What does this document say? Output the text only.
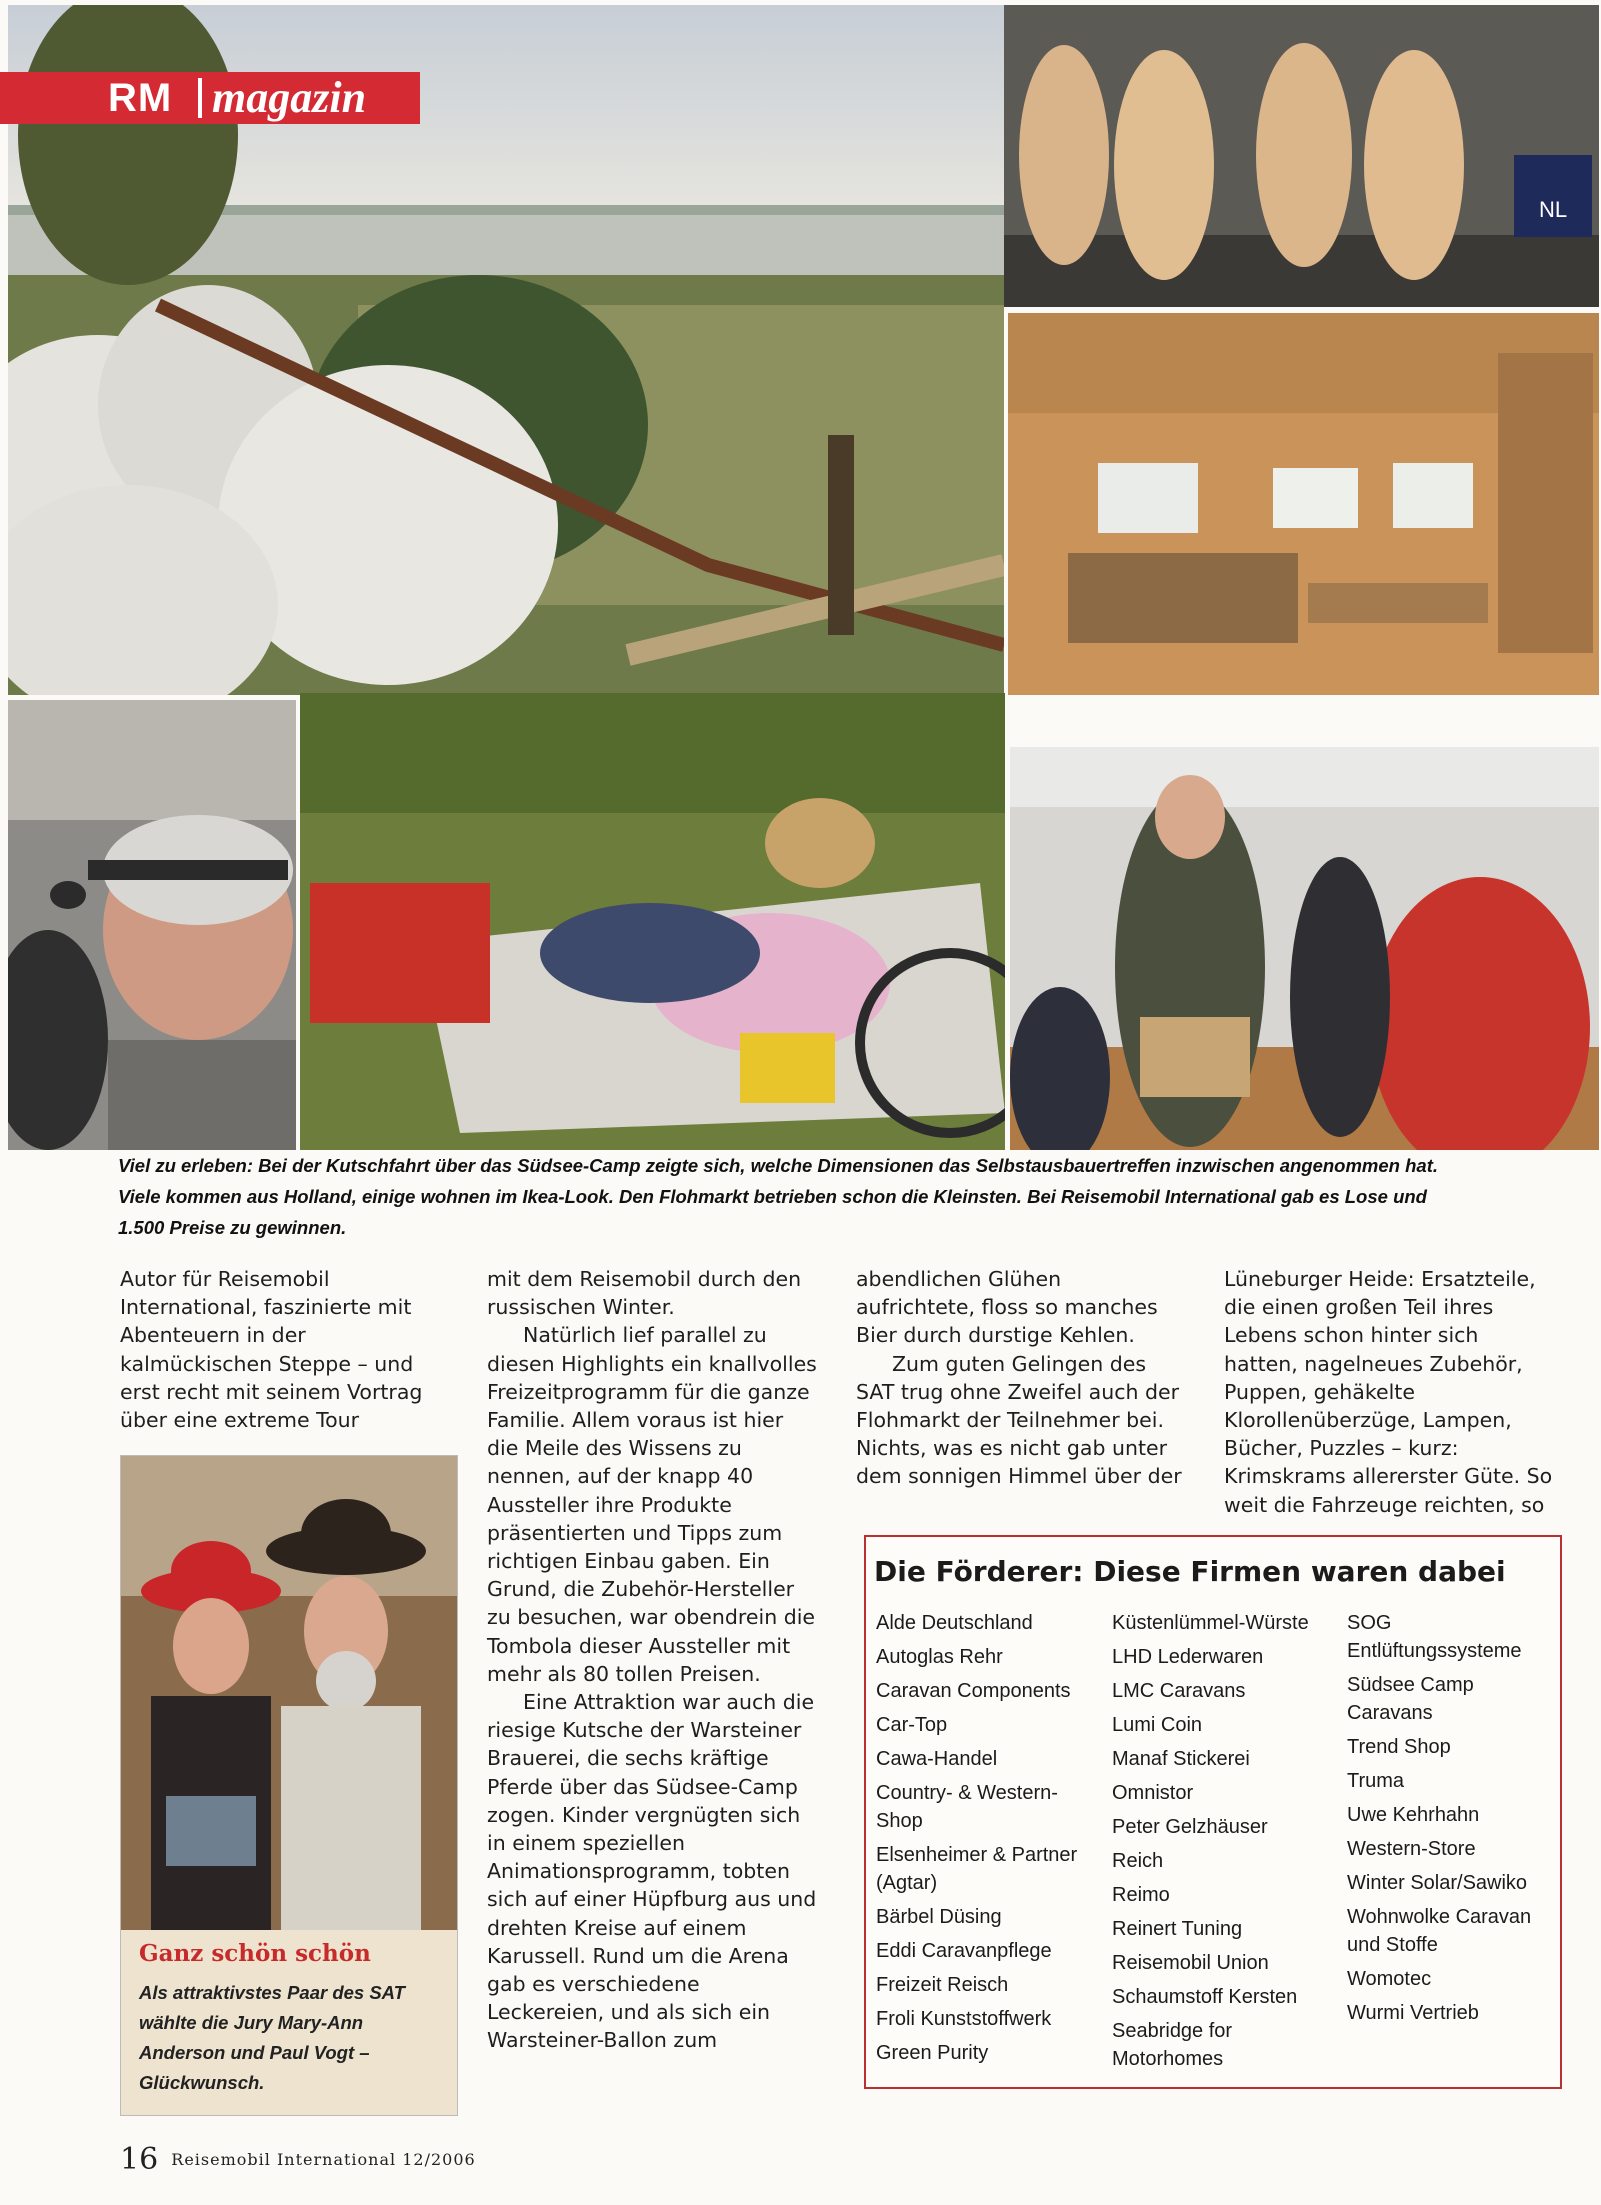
RM magazin
NL
Viel zu erleben: Bei der Kutschfahrt über das Südsee-Camp zeigte sich, welche Dimensionen das Selbstausbauertreffen inzwischen angenommen hat. Viele kommen aus Holland, einige wohnen im Ikea-Look. Den Flohmarkt betrieben schon die Kleinsten. Bei Reisemobil International gab es Lose und 1.500 Preise zu gewinnen.

Autor für Reisemobil International, faszinierte mit Abenteuern in der kalmückischen Steppe – und erst recht mit seinem Vortrag über eine extreme Tour

Ganz schön schön
Als attraktivstes Paar des SAT wählte die Jury Mary-Ann Anderson und Paul Vogt – Glückwunsch.

mit dem Reisemobil durch den russischen Winter.

Natürlich lief parallel zu diesen Highlights ein knallvolles Freizeitprogramm für die ganze Familie. Allem voraus ist hier die Meile des Wissens zu nennen, auf der knapp 40 Aussteller ihre Produkte präsentierten und Tipps zum richtigen Einbau gaben. Ein Grund, die Zubehör-Hersteller zu besuchen, war obendrein die Tombola dieser Aussteller mit mehr als 80 tollen Preisen.

Eine Attraktion war auch die riesige Kutsche der Warsteiner Brauerei, die sechs kräftige Pferde über das Südsee-Camp zogen. Kinder vergnügten sich in einem speziellen Animationsprogramm, tobten sich auf einer Hüpfburg aus und drehten Kreise auf einem Karussell. Rund um die Arena gab es verschiedene Leckereien, und als sich ein Warsteiner-Ballon zum

abendlichen Glühen aufrichtete, floss so manches Bier durch durstige Kehlen.

Zum guten Gelingen des SAT trug ohne Zweifel auch der Flohmarkt der Teilnehmer bei. Nichts, was es nicht gab unter dem sonnigen Himmel über der

Lüneburger Heide: Ersatzteile, die einen großen Teil ihres Lebens schon hinter sich hatten, nagelneues Zubehör, Puppen, gehäkelte Klorollenüberzüge, Lampen, Bücher, Puzzles – kurz: Krimskrams allererster Güte. So weit die Fahrzeuge reichten, so

Die Förderer: Diese Firmen waren dabei
Alde Deutschland
Autoglas Rehr
Caravan Components
Car-Top
Cawa-Handel
Country- & Western-Shop
Elsenheimer & Partner (Agtar)
Bärbel Düsing
Eddi Caravanpflege
Freizeit Reisch
Froli Kunststoffwerk
Green Purity
Küstenlümmel-Würste
LHD Lederwaren
LMC Caravans
Lumi Coin
Manaf Stickerei
Omnistor
Peter Gelzhäuser
Reich
Reimo
Reinert Tuning
Reisemobil Union
Schaumstoff Kersten
Seabridge for Motorhomes
SOG Entlüftungssysteme
Südsee Camp Caravans
Trend Shop
Truma
Uwe Kehrhahn
Western-Store
Winter Solar/Sawiko
Wohnwolke Caravan und Stoffe
Womotec
Wurmi Vertrieb
16 Reisemobil International 12/2006
